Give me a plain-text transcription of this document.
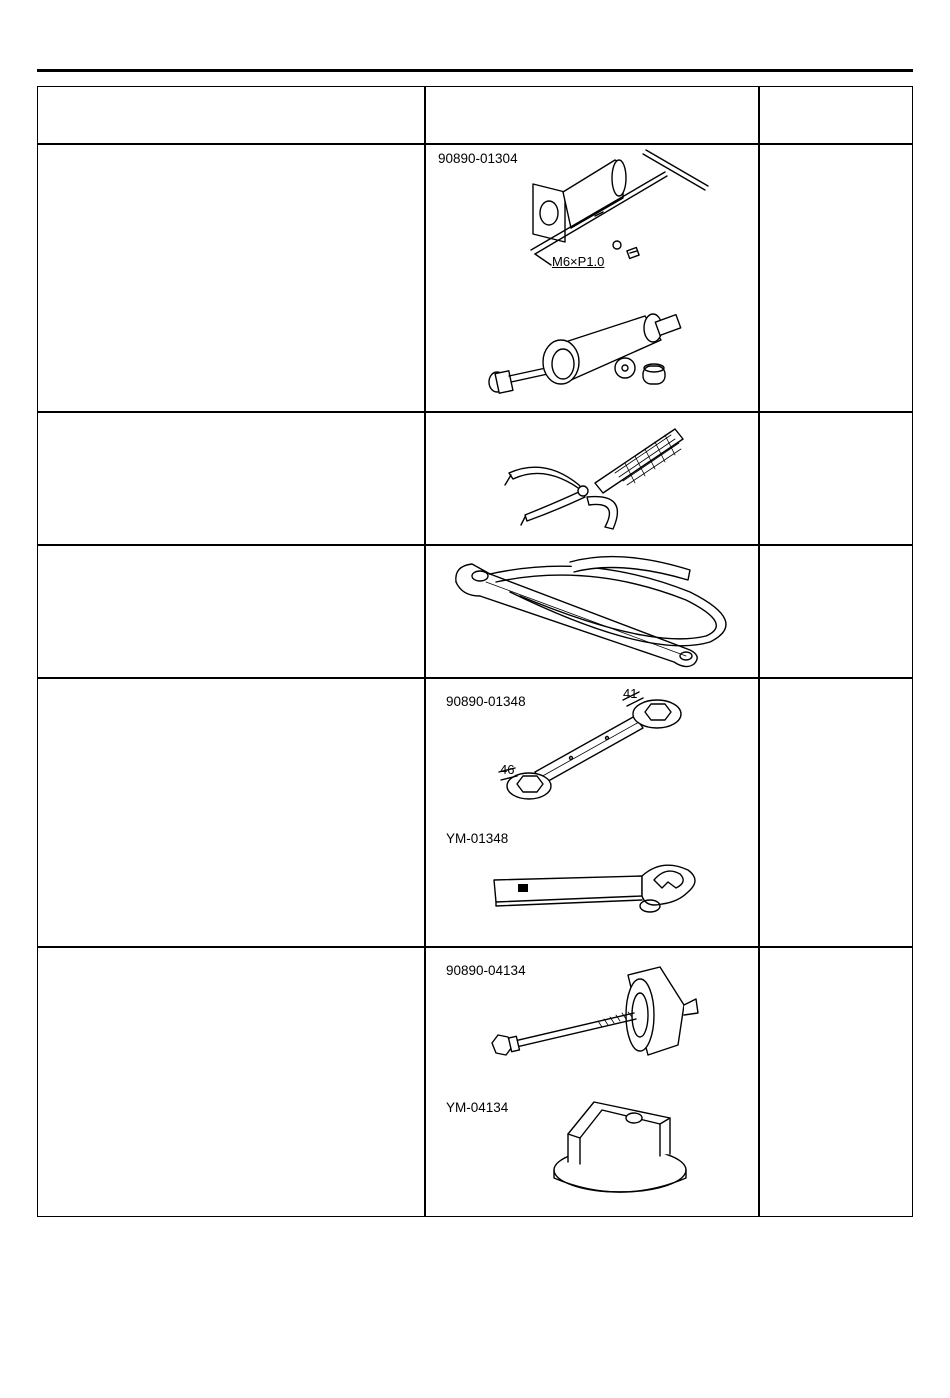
90890-01304
M6×P1.0
90890-01348
41
46
YM-01348
90890-04134
YM-04134
